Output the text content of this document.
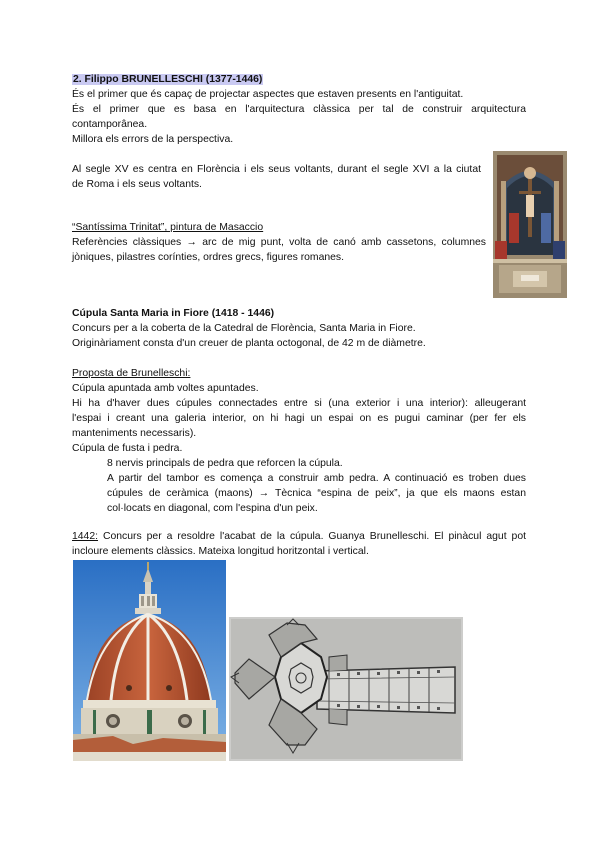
2. Filippo BRUNELLESCHI (1377-1446)
És el primer que és capaç de projectar aspectes que estaven presents en l'antiguitat.
És el primer que es basa en l'arquitectura clàssica per tal de construir arquitectura
contamporânea.
Millora els errors de la perspectiva.
Al segle XV es centra en Florència i els seus voltants, durant el segle XVI a la ciutat
de Roma i els seus voltants.
“Santíssima Trinitat”, pintura de Masaccio
Referències clàssiques → arc de mig punt, volta de canó amb cassetons, columnes
jòniques, pilastres corínties, ordres grecs, figures romanes.
Cúpula Santa Maria in Fiore (1418 - 1446)
Concurs per a la coberta de la Catedral de Florència, Santa Maria in Fiore.
Originàriament consta d'un creuer de planta octogonal, de 42 m de diàmetre.
Proposta de Brunelleschi:
Cúpula apuntada amb voltes apuntades.
Hi ha d'haver dues cúpules connectades entre si (una exterior i una interior): alleugerant
l'espai i creant una galeria interior, on hi hagi un espai on es pugui caminar (per fer els
manteniments necessaris).
Cúpula de fusta i pedra.
8 nervis principals de pedra que reforcen la cúpula.
A partir del tambor es comença a construir amb pedra. A continuació es troben dues
cúpules de ceràmica (maons) → Tècnica “espina de peix”, ja que els maons estan
col·locats en diagonal, com l'espina d'un peix.
1442: Concurs per a resoldre l'acabat de la cúpula. Guanya Brunelleschi. El pinàcul agut pot
incloure elements clàssics. Mateixa longitud horitzontal i vertical.
